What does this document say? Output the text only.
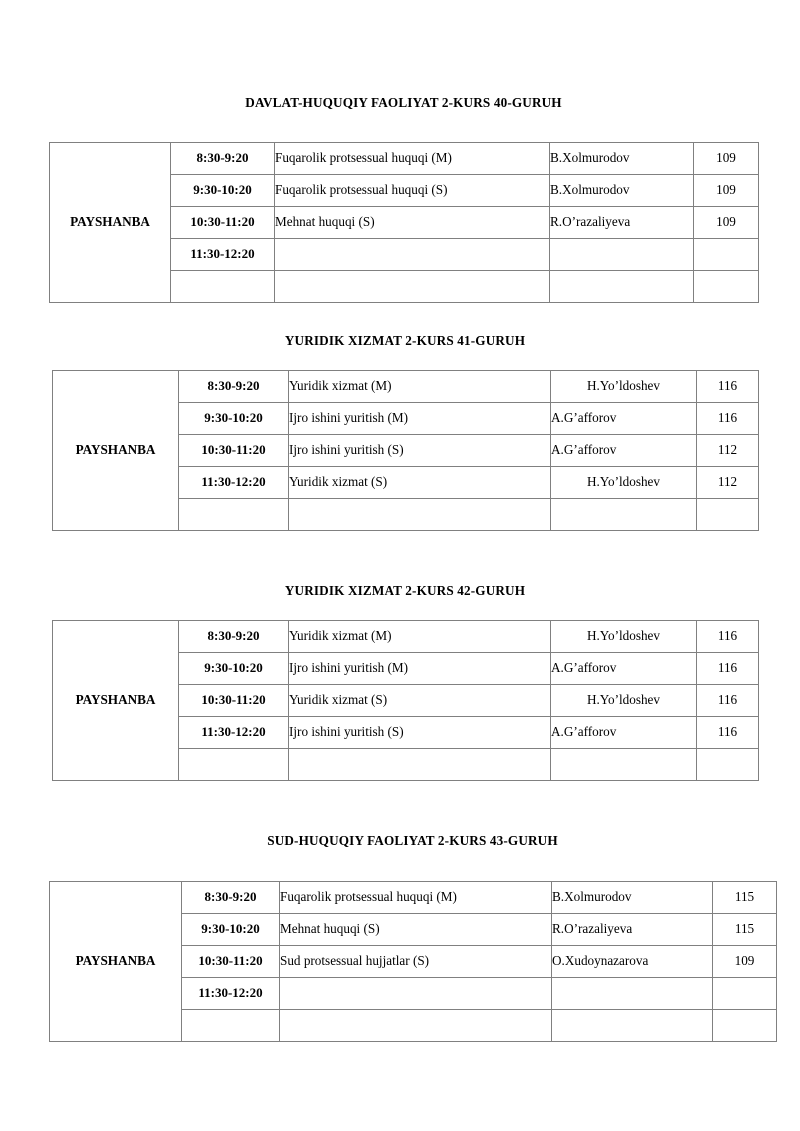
DAVLAT-HUQUQIY FAOLIYAT 2-KURS 40-GURUH
PAYSHANBA	8:30-9:20	Fuqarolik protsessual huquqi (M)	B.Xolmurodov	109
	9:30-10:20	Fuqarolik protsessual huquqi (S)	B.Xolmurodov	109
	10:30-11:20	Mehnat huquqi (S)	R.O’razaliyeva	109
	11:30-12:20			

YURIDIK XIZMAT 2-KURS 41-GURUH
PAYSHANBA	8:30-9:20	Yuridik xizmat (M)	H.Yo’ldoshev	116
	9:30-10:20	Ijro ishini yuritish (M)	A.G’afforov	116
	10:30-11:20	Ijro ishini yuritish (S)	A.G’afforov	112
	11:30-12:20	Yuridik xizmat (S)	H.Yo’ldoshev	112

YURIDIK XIZMAT 2-KURS 42-GURUH
PAYSHANBA	8:30-9:20	Yuridik xizmat (M)	H.Yo’ldoshev	116
	9:30-10:20	Ijro ishini yuritish (M)	A.G’afforov	116
	10:30-11:20	Yuridik xizmat (S)	H.Yo’ldoshev	116
	11:30-12:20	Ijro ishini yuritish (S)	A.G’afforov	116

SUD-HUQUQIY FAOLIYAT 2-KURS 43-GURUH
PAYSHANBA	8:30-9:20	Fuqarolik protsessual huquqi (M)	B.Xolmurodov	115
	9:30-10:20	Mehnat huquqi (S)	R.O’razaliyeva	115
	10:30-11:20	Sud protsessual hujjatlar (S)	O.Xudoynazarova	109
	11:30-12:20			
